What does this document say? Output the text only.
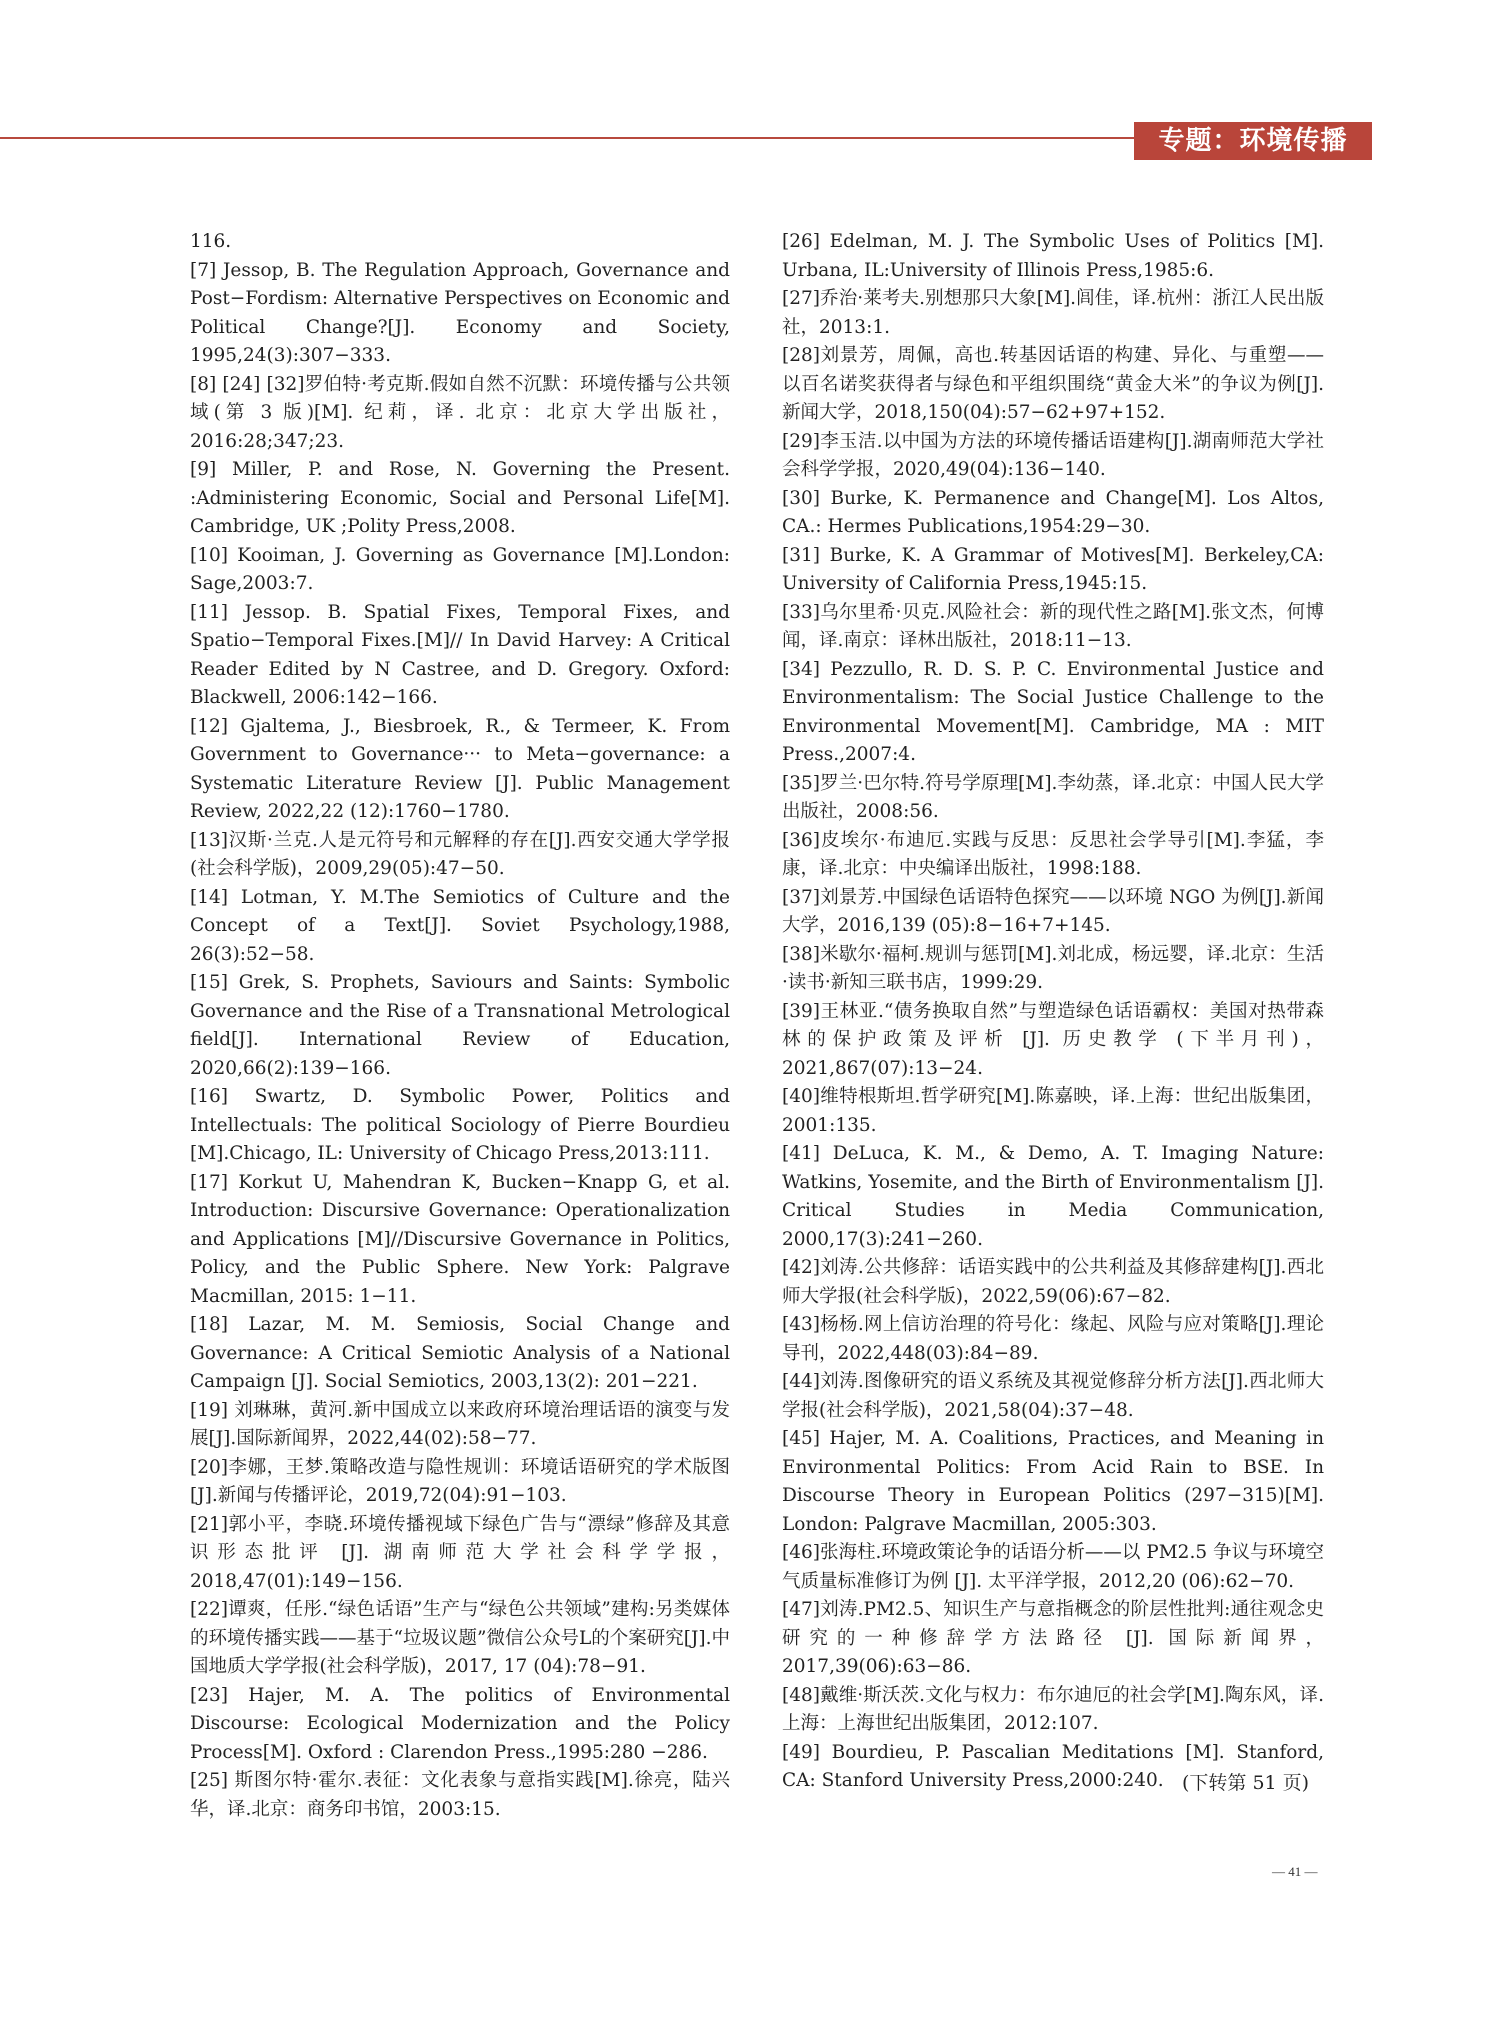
专题：环境传播

116.

[7] Jessop, B. The Regulation Approach, Governance and Post−Fordism: Alternative Perspectives on Economic and Political Change?[J]. Economy and Society, 1995,24(3):307−333.

[8] [24] [32]罗伯特·考克斯.假如自然不沉默：环境传播与公共领域(第 3 版)[M]. 纪莉，译. 北京：北京大学出版社，2016:28;347;23.

[9] Miller, P. and Rose, N. Governing the Present. :Administering Economic, Social and Personal Life[M]. Cambridge, UK ;Polity Press,2008.

[10] Kooiman, J. Governing as Governance [M].London: Sage,2003:7.

[11] Jessop. B. Spatial Fixes, Temporal Fixes, and Spatio−Temporal Fixes.[M]// In David Harvey: A Critical Reader Edited by N Castree, and D. Gregory. Oxford: Blackwell, 2006:142−166.

[12] Gjaltema, J., Biesbroek, R., & Termeer, K. From Government to Governance··· to Meta−governance: a Systematic Literature Review [J]. Public Management Review, 2022,22 (12):1760−1780.

[13]汉斯·兰克.人是元符号和元解释的存在[J].西安交通大学学报(社会科学版)，2009,29(05):47−50.

[14] Lotman, Y. M.The Semiotics of Culture and the Concept of a Text[J]. Soviet Psychology,1988, 26(3):52−58.

[15] Grek, S. Prophets, Saviours and Saints: Symbolic Governance and the Rise of a Transnational Metrological field[J]. International Review of Education, 2020,66(2):139−166.

[16] Swartz, D. Symbolic Power, Politics and Intellectuals: The political Sociology of Pierre Bourdieu [M].Chicago, IL: University of Chicago Press,2013:111.

[17] Korkut U, Mahendran K, Bucken−Knapp G, et al. Introduction: Discursive Governance: Operationalization and Applications [M]//Discursive Governance in Politics, Policy, and the Public Sphere. New York: Palgrave Macmillan, 2015: 1−11.

[18] Lazar, M. M. Semiosis, Social Change and Governance: A Critical Semiotic Analysis of a National Campaign [J]. Social Semiotics, 2003,13(2): 201−221.

[19] 刘琳琳，黄河.新中国成立以来政府环境治理话语的演变与发展[J].国际新闻界，2022,44(02):58−77.

[20]李娜，王梦.策略改造与隐性规训：环境话语研究的学术版图[J].新闻与传播评论，2019,72(04):91−103.

[21]郭小平，李晓.环境传播视域下绿色广告与“漂绿”修辞及其意识形态批评 [J]. 湖南师范大学社会科学学报，2018,47(01):149−156.

[22]谭爽，任彤.“绿色话语”生产与“绿色公共领域”建构:另类媒体的环境传播实践——基于“垃圾议题”微信公众号L的个案研究[J].中国地质大学学报(社会科学版)，2017, 17 (04):78−91.

[23] Hajer, M. A. The politics of Environmental Discourse: Ecological Modernization and the Policy Process[M]. Oxford : Clarendon Press.,1995:280 −286.

[25] 斯图尔特·霍尔.表征：文化表象与意指实践[M].徐亮，陆兴华，译.北京：商务印书馆，2003:15.

[26] Edelman, M. J. The Symbolic Uses of Politics [M]. Urbana, IL:University of Illinois Press,1985:6.

[27]乔治·莱考夫.别想那只大象[M].闾佳，译.杭州：浙江人民出版社，2013:1.

[28]刘景芳，周佩，高也.转基因话语的构建、异化、与重塑——以百名诺奖获得者与绿色和平组织围绕“黄金大米”的争议为例[J].新闻大学，2018,150(04):57−62+97+152.

[29]李玉洁.以中国为方法的环境传播话语建构[J].湖南师范大学社会科学学报，2020,49(04):136−140.

[30] Burke, K. Permanence and Change[M]. Los Altos, CA.: Hermes Publications,1954:29−30.

[31] Burke, K. A Grammar of Motives[M]. Berkeley,CA: University of California Press,1945:15.

[33]乌尔里希·贝克.风险社会：新的现代性之路[M].张文杰，何博闻，译.南京：译林出版社，2018:11−13.

[34] Pezzullo, R. D. S. P. C. Environmental Justice and Environmentalism: The Social Justice Challenge to the Environmental Movement[M]. Cambridge, MA : MIT Press.,2007:4.

[35]罗兰·巴尔特.符号学原理[M].李幼蒸，译.北京：中国人民大学出版社，2008:56.

[36]皮埃尔·布迪厄.实践与反思：反思社会学导引[M].李猛，李康，译.北京：中央编译出版社，1998:188.

[37]刘景芳.中国绿色话语特色探究——以环境 NGO 为例[J].新闻大学，2016,139 (05):8−16+7+145.

[38]米歇尔·福柯.规训与惩罚[M].刘北成，杨远婴，译.北京：生活·读书·新知三联书店，1999:29.

[39]王林亚.“债务换取自然”与塑造绿色话语霸权：美国对热带森林的保护政策及评析 [J]. 历史教学 (下半月刊)，2021,867(07):13−24.

[40]维特根斯坦.哲学研究[M].陈嘉映，译.上海：世纪出版集团，2001:135.

[41] DeLuca, K. M., & Demo, A. T. Imaging Nature: Watkins, Yosemite, and the Birth of Environmentalism [J]. Critical Studies in Media Communication, 2000,17(3):241−260.

[42]刘涛.公共修辞：话语实践中的公共利益及其修辞建构[J].西北师大学报(社会科学版)，2022,59(06):67−82.

[43]杨杨.网上信访治理的符号化：缘起、风险与应对策略[J].理论导刊，2022,448(03):84−89.

[44]刘涛.图像研究的语义系统及其视觉修辞分析方法[J].西北师大学报(社会科学版)，2021,58(04):37−48.

[45] Hajer, M. A. Coalitions, Practices, and Meaning in Environmental Politics: From Acid Rain to BSE. In Discourse Theory in European Politics (297−315)[M]. London: Palgrave Macmillan, 2005:303.

[46]张海柱.环境政策论争的话语分析——以 PM2.5 争议与环境空气质量标准修订为例 [J]. 太平洋学报，2012,20 (06):62−70.

[47]刘涛.PM2.5、知识生产与意指概念的阶层性批判:通往观念史研究的一种修辞学方法路径 [J]. 国际新闻界，2017,39(06):63−86.

[48]戴维·斯沃茨.文化与权力：布尔迪厄的社会学[M].陶东风，译.上海：上海世纪出版集团，2012:107.

[49] Bourdieu, P. Pascalian Meditations [M]. Stanford, CA: Stanford University Press,2000:240. (下转第 51 页)
— 41 —
